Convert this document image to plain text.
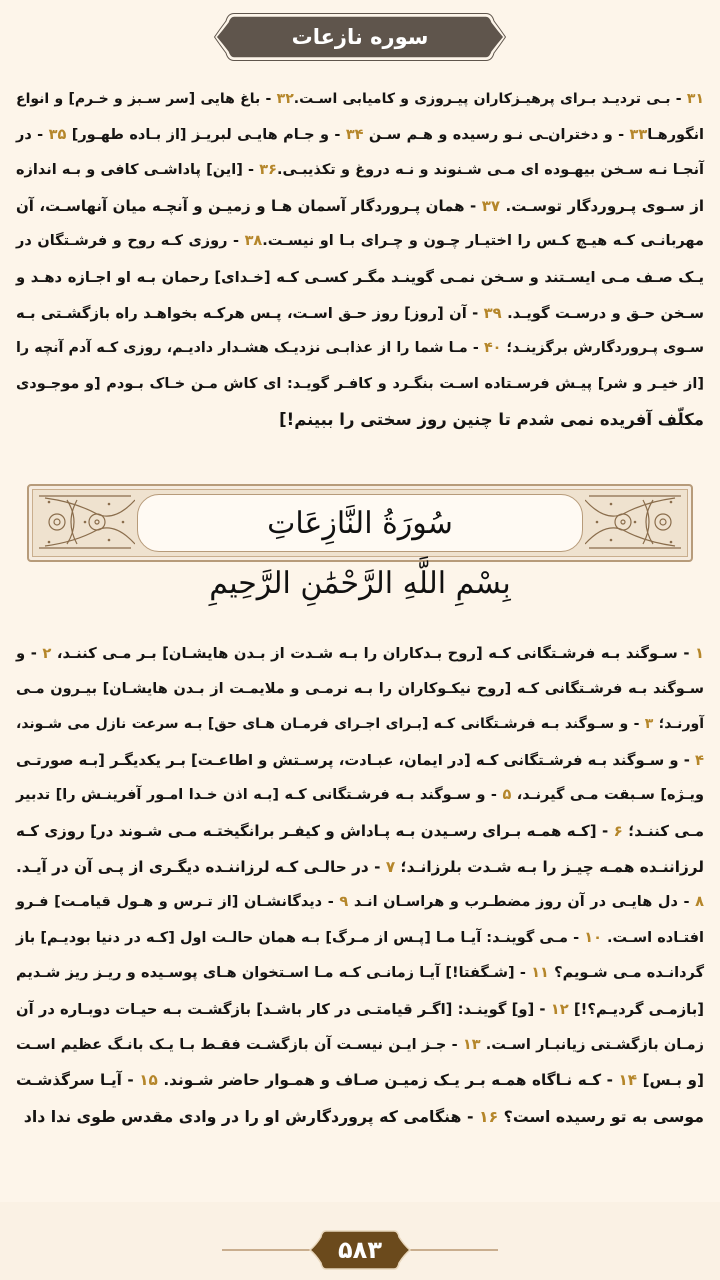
سوره نازعات
۳۱ - بـی تردیـد بـرای پرهیـزکاران پیـروزی و کامیابی اسـت.۳۲ - باغ هایی [سر سـبز و خـرم] و انواع
انگورهـا۳۳ - و دختران‌ـی نـو رسیده و هـم سـن ۳۴ - و جـام هایـی لبریـز [از بـاده طهـور] ۳۵ - در
آنجـا نـه سـخن بیهـوده ای مـی شـنوند و نـه دروغ و تکذیبـی.۳۶ - [این] پاداشـی کافی و بـه اندازه
از سـوی پـروردگار توسـت. ۳۷ - همان پـروردگار آسمان هـا و زمیـن و آنچـه میان آنهاسـت، آن
مهربانـی کـه هیـچ کـس را اختیـار چـون و چـرای بـا او نیسـت.۳۸ - روزی کـه روح و فرشـتگان در
یـک صـف مـی ایسـتند و سـخن نمـی گوینـد مگـر کسـی کـه [خـدای] رحمان بـه او اجـازه دهـد و
سـخن حـق و درسـت گویـد. ۳۹ - آن [روز] روز حـق اسـت، پـس هرکـه بخواهـد راه بازگشـتی بـه
سـوی پـروردگارش برگزینـد؛ ۴۰ - مـا شما را از عذابـی نزدیـک هشـدار دادیـم، روزی کـه آدم آنچه را
[از خیـر و شر] پیـش فرسـتاده اسـت بنگـرد و کافـر گویـد: ای کاش مـن خـاک بـودم [و موجـودی
مکلّف آفریده نمی شدم تا چنین روز سختی را ببینم!]
سُورَةُ النَّازِعَاتِ
بِسْمِ اللَّهِ الرَّحْمَٰنِ الرَّحِيمِ
۱ - سـوگند بـه فرشـتگانی کـه [روح بـدکاران را بـه شـدت از بـدن هایشـان] بـر مـی کننـد، ۲ - و
سـوگند بـه فرشـتگانی کـه [روح نیکـوکاران را بـه نرمـی و ملایمـت از بـدن هایشـان] بیـرون مـی
آورنـد؛ ۳ - و سـوگند بـه فرشـتگانی کـه [بـرای اجـرای فرمـان هـای حق] بـه سرعت نازل می شـوند،
۴ - و سـوگند بـه فرشـتگانی کـه [در ایمان، عبـادت، پرسـتش و اطاعـت] بـر یکدیگـر [بـه صورتـی
ویـژه] سـبقت مـی گیرنـد، ۵ - و سـوگند بـه فرشـتگانی کـه [بـه اذن خـدا امـور آفرینـش را] تدبیر
مـی کننـد؛ ۶ - [کـه همـه بـرای رسـیدن بـه پـاداش و کیفـر برانگیختـه مـی شـوند در] روزی کـه
لرزاننـده همـه چیـز را بـه شـدت بلرزانـد؛ ۷ - در حالـی کـه لرزاننـده دیگـری از پـی آن در آیـد.
۸ - دل هایـی در آن روز مضطـرب و هراسـان انـد ۹ - دیدگانشـان [از تـرس و هـول قیامـت] فـرو
افتـاده اسـت. ۱۰ - مـی گوینـد: آیـا مـا [پـس از مـرگ] بـه همان حالـت اول [کـه در دنیا بودیـم] باز
گردانـده مـی شـویم؟ ۱۱ - [شـگفتا!] آیـا زمانـی کـه مـا اسـتخوان هـای پوسـیده و ریـز ریز شـدیم
[بازمـی گردیـم؟!] ۱۲ - [و] گوینـد: [اگـر قیامتـی در کار باشـد] بازگشـت بـه حیـات دوبـاره در آن
زمـان بازگشـتی زیانبـار اسـت. ۱۳ - جـز ایـن نیسـت آن بازگشـت فقـط بـا یـک بانـگ عظیم اسـت
[و بـس] ۱۴ - کـه نـاگاه همـه بـر یـک زمیـن صـاف و همـوار حاضر شـوند. ۱۵ - آیـا سرگذشـت
موسی به تو رسیده است؟ ۱۶ - هنگامی که پروردگارش او را در وادی مقدس طوی ندا داد
۵۸۳
